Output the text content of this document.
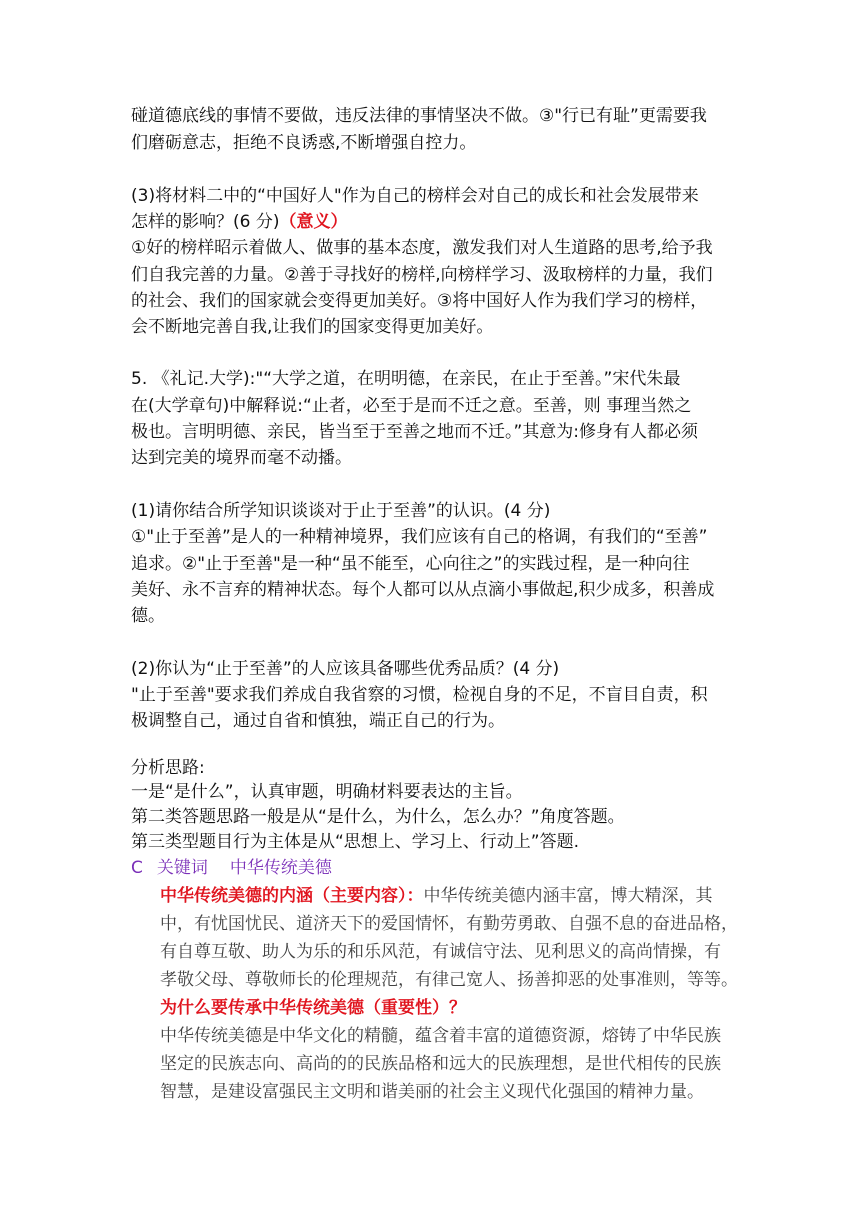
碰道德底线的事情不要做，违反法律的事情坚决不做。③"行已有耻”更需要我
们磨砺意志，拒绝不良诱惑,不断增强自控力。
(3)将材料二中的“中国好人"作为自己的榜样会对自己的成长和社会发展带来
怎样的影响？(6 分)（意义）
①好的榜样昭示着做人、做事的基本态度，激发我们对人生道路的思考,给予我
们自我完善的力量。②善于寻找好的榜样,向榜样学习、汲取榜样的力量，我们
的社会、我们的国家就会变得更加美好。③将中国好人作为我们学习的榜样，
会不断地完善自我,让我们的国家变得更加美好。
5. 《礼记.大学):"“大学之道，在明明德，在亲民，在止于至善。”宋代朱最
在(大学章句)中解释说:“止者，必至于是而不迁之意。至善，则 事理当然之
极也。言明明德、亲民，皆当至于至善之地而不迁。”其意为:修身有人都必须
达到完美的境界而毫不动播。
(1)请你结合所学知识谈谈对于止于至善”的认识。(4 分)
①"止于至善”是人的一种精神境界，我们应该有自己的格调，有我们的“至善”
追求。②"止于至善"是一种“虽不能至，心向往之”的实践过程，是一种向往
美好、永不言弃的精神状态。每个人都可以从点滴小事做起,积少成多，积善成
德。
(2)你认为“止于至善”的人应该具备哪些优秀品质？(4 分)
"止于至善"要求我们养成自我省察的习惯，检视自身的不足，不盲目自责，积
极调整自己，通过自省和慎独，端正自己的行为。
分析思路:
一是“是什么”，认真审题，明确材料要表达的主旨。
第二类答题思路一般是从“是什么，为什么，怎么办？”角度答题。
第三类型题目行为主体是从“思想上、学习上、行动上”答题.
C 关键词 中华传统美德
中华传统美德的内涵（主要内容）：中华传统美德内涵丰富，博大精深，其
中，有忧国忧民、道济天下的爱国情怀，有勤劳勇敢、自强不息的奋进品格，
有自尊互敬、助人为乐的和乐风范，有诚信守法、见利思义的高尚情操，有
孝敬父母、尊敬师长的伦理规范，有律己宽人、扬善抑恶的处事准则，等等。
为什么要传承中华传统美德（重要性）？
中华传统美德是中华文化的精髓，蕴含着丰富的道德资源，熔铸了中华民族
坚定的民族志向、高尚的的民族品格和远大的民族理想，是世代相传的民族
智慧，是建设富强民主文明和谐美丽的社会主义现代化强国的精神力量。
